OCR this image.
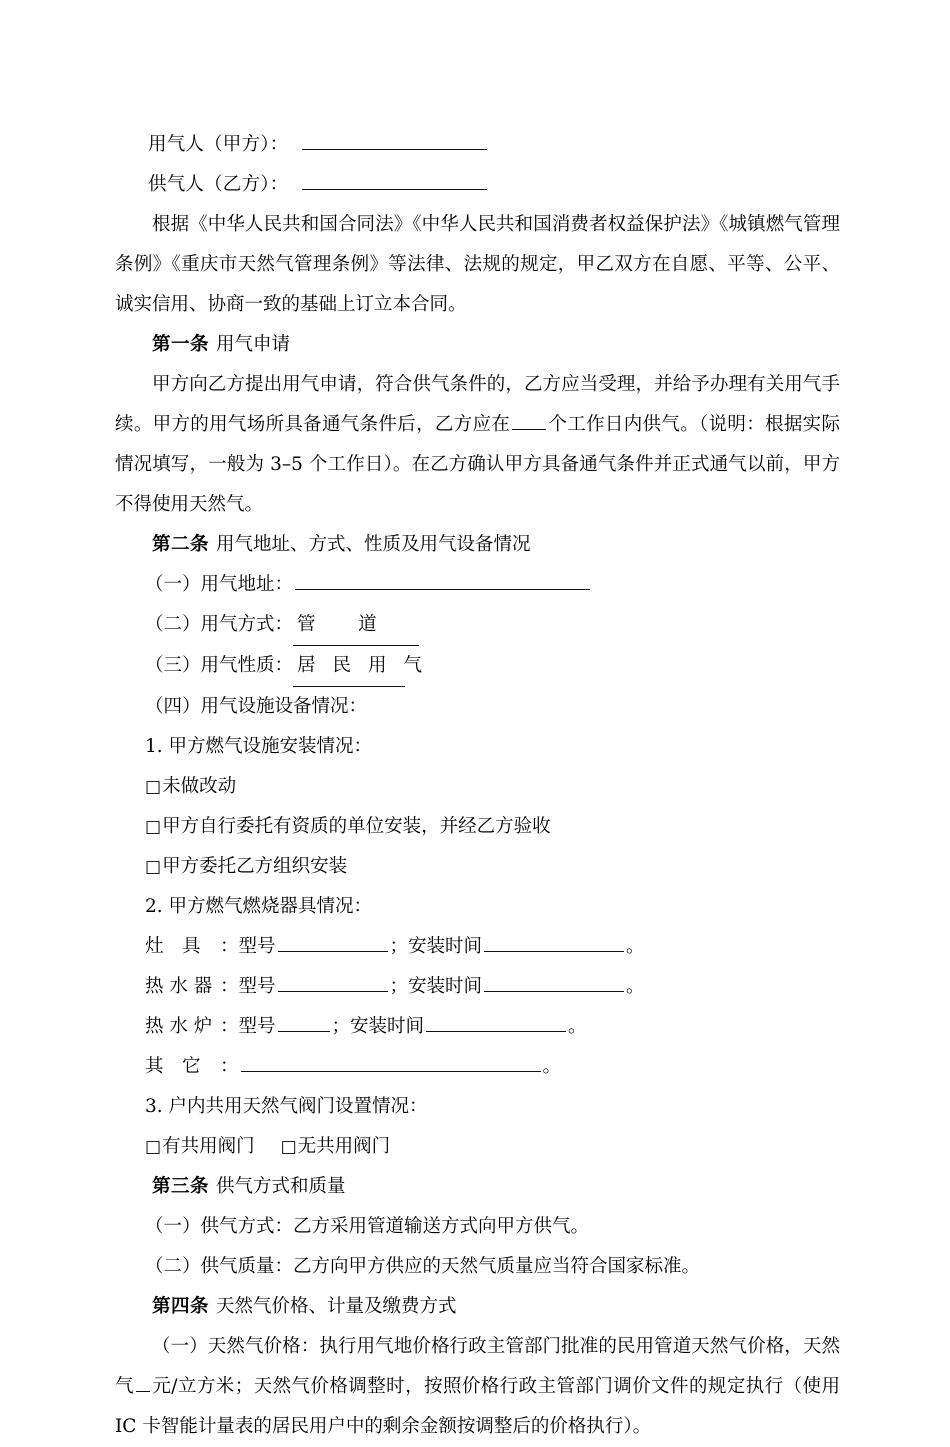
用气人（甲方）：
供气人（乙方）：

根据《中华人民共和国合同法》《中华人民共和国消费者权益保护法》《城镇燃气管理条例》《重庆市天然气管理条例》等法律、法规的规定，甲乙双方在自愿、平等、公平、诚实信用、协商一致的基础上订立本合同。

第一条 用气申请

甲方向乙方提出用气申请，符合供气条件的，乙方应当受理，并给予办理有关用气手续。甲方的用气场所具备通气条件后，乙方应在 个工作日内供气。（说明：根据实际情况填写，一般为 3–5 个工作日）。在乙方确认甲方具备通气条件并正式通气以前，甲方不得使用天然气。

第二条 用气地址、方式、性质及用气设备情况

（一）用气地址：

（二）用气方式： 管　道

（三）用气性质： 居 民 用 气

（四）用气设施设备情况：

1. 甲方燃气设施安装情况：

□未做改动

□甲方自行委托有资质的单位安装，并经乙方验收

□甲方委托乙方组织安装

2. 甲方燃气燃烧器具情况：

灶　具 ：型号	；安装时间	。

热 水 器 ：型号	；安装时间	。

热 水 炉 ：型号	；安装时间	。

其　它 ：	。

3. 户内共用天然气阀门设置情况：

□有共用阀门 □无共用阀门

第三条 供气方式和质量

（一）供气方式：乙方采用管道输送方式向甲方供气。

（二）供气质量：乙方向甲方供应的天然气质量应当符合国家标准。

第四条 天然气价格、计量及缴费方式

（一）天然气价格：执行用气地价格行政主管部门批准的民用管道天然气价格，天然气 元/立方米；天然气价格调整时，按照价格行政主管部门调价文件的规定执行（使用 IC 卡智能计量表的居民用户中的剩余金额按调整后的价格执行）。
